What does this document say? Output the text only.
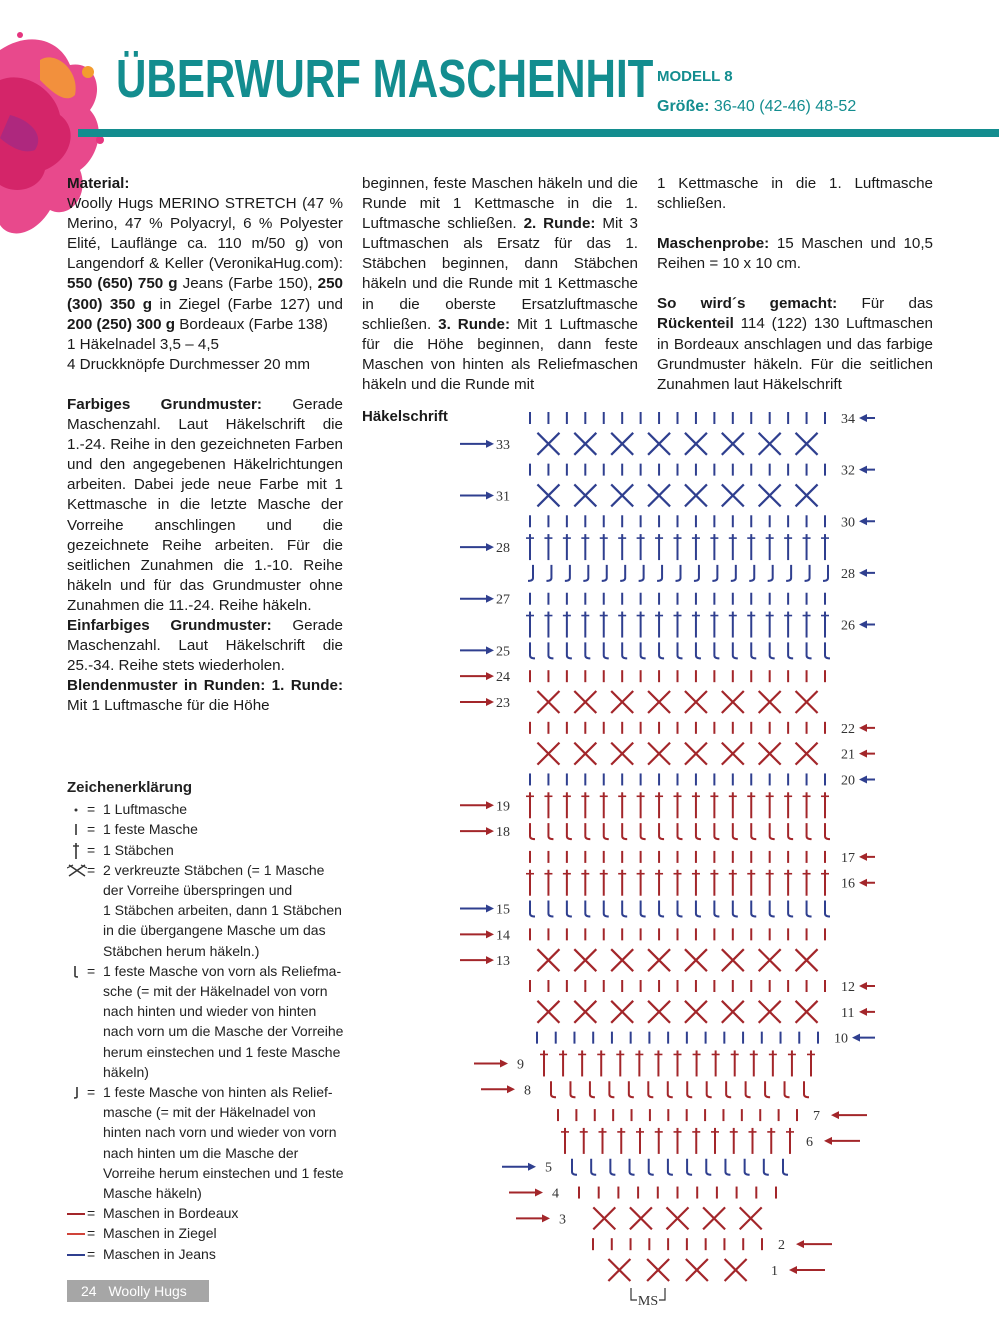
ÜBERWURF MASCHENHIT MODELL 8
Größe: 36-40 (42-46) 48-52

Material:
Woolly Hugs MERINO STRETCH (47 % Merino, 47 % Polyacryl, 6 % Polyester Elité, Lauflänge ca. 110 m/50 g) von Langendorf & Keller (VeronikaHug.com): 550 (650) 750 g Jeans (Farbe 150), 250 (300) 350 g in Ziegel (Farbe 127) und 200 (250) 300 g Bordeaux (Farbe 138)

1 Häkelnadel 3,5 – 4,5

4 Druckknöpfe Durchmesser 20 mm

Farbiges Grundmuster: Gerade Maschenzahl. Laut Häkelschrift die 1.-24. Reihe in den gezeichneten Farben und den angegebenen Häkelrichtungen arbeiten. Dabei jede neue Farbe mit 1 Kettmasche in die letzte Masche der Vorreihe anschlingen und die gezeichnete Reihe arbeiten. Für die seitlichen Zunahmen die 1.-10. Reihe häkeln und für das Grundmuster ohne Zunahmen die 11.-24. Reihe häkeln.

Einfarbiges Grundmuster: Gerade Maschenzahl. Laut Häkelschrift die 25.-34. Reihe stets wiederholen.

Blendenmuster in Runden: 1. Runde: Mit 1 Luftmasche für die Höhe

beginnen, feste Maschen häkeln und die Runde mit 1 Kettmasche in die 1. Luftmasche schließen. 2. Runde: Mit 3 Luftmaschen als Ersatz für das 1. Stäbchen beginnen, dann Stäbchen häkeln und die Runde mit 1 Kettmasche in die oberste Ersatzluftmasche schließen. 3. Runde: Mit 1 Luftmasche für die Höhe beginnen, dann feste Maschen von hinten als Reliefmaschen häkeln und die Runde mit

1 Kettmasche in die 1. Luftmasche schließen.

Maschenprobe: 15 Maschen und 10,5 Reihen = 10 x 10 cm.

So wird´s gemacht: Für das Rückenteil 114 (122) 130 Luftmaschen in Bordeaux anschlagen und das farbige Grundmuster häkeln. Für die seitlichen Zunahmen laut Häkelschrift

Häkelschrift
Zeichenerklärung
= 1 Luftmasche
= 1 feste Masche
= 1 Stäbchen
= 2 verkreuzte Stäbchen (= 1 Masche
der Vorreihe überspringen und
1 Stäbchen arbeiten, dann 1 Stäbchen
in die übergangene Masche um das
Stäbchen herum häkeln.)
= 1 feste Masche von vorn als Reliefma-
sche (= mit der Häkelnadel von vorn
nach hinten und wieder von hinten
nach vorn um die Masche der Vorreihe
herum einstechen und 1 feste Masche
häkeln)
= 1 feste Masche von hinten als Relief-
masche (= mit der Häkelnadel von
hinten nach vorn und wieder von vorn
nach hinten um die Masche der
Vorreihe herum einstechen und 1 feste
Masche häkeln)
= Maschen in Bordeaux
= Maschen in Ziegel
= Maschen in Jeans
1
2
3
4
5
6
7
8
9
10
11
12
13
14
15
16
17
18
19
20
21
22
23
24
25
26
27
28
28
30
31
32
33
34
MS
24 Woolly Hugs
